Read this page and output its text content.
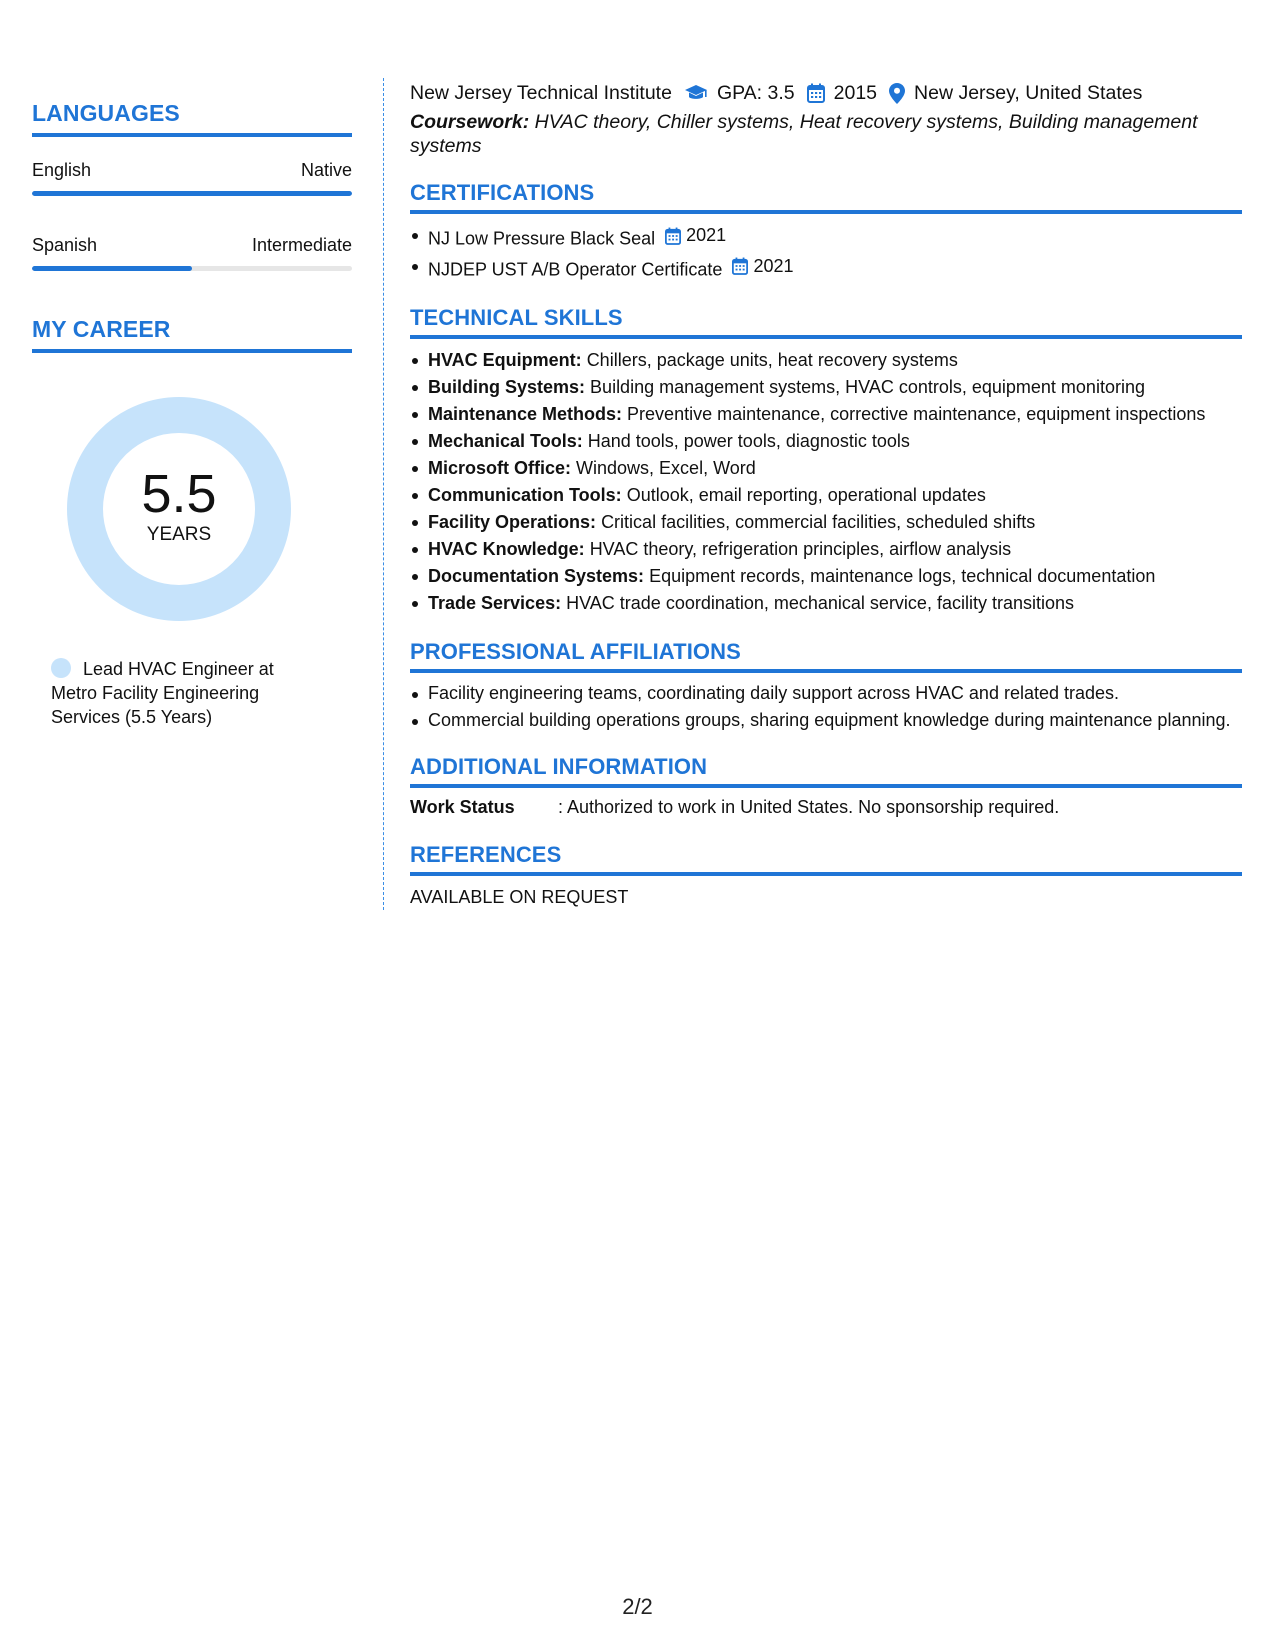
LANGUAGES
English	Native
Spanish	Intermediate
MY CAREER
5.5
YEARS
Lead HVAC Engineer at Metro Facility Engineering Services (5.5 Years)
New Jersey Technical Institute GPA: 3.5 2015 New Jersey, United States
Coursework: HVAC theory, Chiller systems, Heat recovery systems, Building management systems
CERTIFICATIONS
NJ Low Pressure Black Seal 2021
NJDEP UST A/B Operator Certificate 2021
TECHNICAL SKILLS
HVAC Equipment: Chillers, package units, heat recovery systems
Building Systems: Building management systems, HVAC controls, equipment monitoring
Maintenance Methods: Preventive maintenance, corrective maintenance, equipment inspections
Mechanical Tools: Hand tools, power tools, diagnostic tools
Microsoft Office: Windows, Excel, Word
Communication Tools: Outlook, email reporting, operational updates
Facility Operations: Critical facilities, commercial facilities, scheduled shifts
HVAC Knowledge: HVAC theory, refrigeration principles, airflow analysis
Documentation Systems: Equipment records, maintenance logs, technical documentation
Trade Services: HVAC trade coordination, mechanical service, facility transitions
PROFESSIONAL AFFILIATIONS
Facility engineering teams, coordinating daily support across HVAC and related trades.
Commercial building operations groups, sharing equipment knowledge during maintenance planning.
ADDITIONAL INFORMATION
Work Status	: Authorized to work in United States. No sponsorship required.
REFERENCES
AVAILABLE ON REQUEST
2/2
